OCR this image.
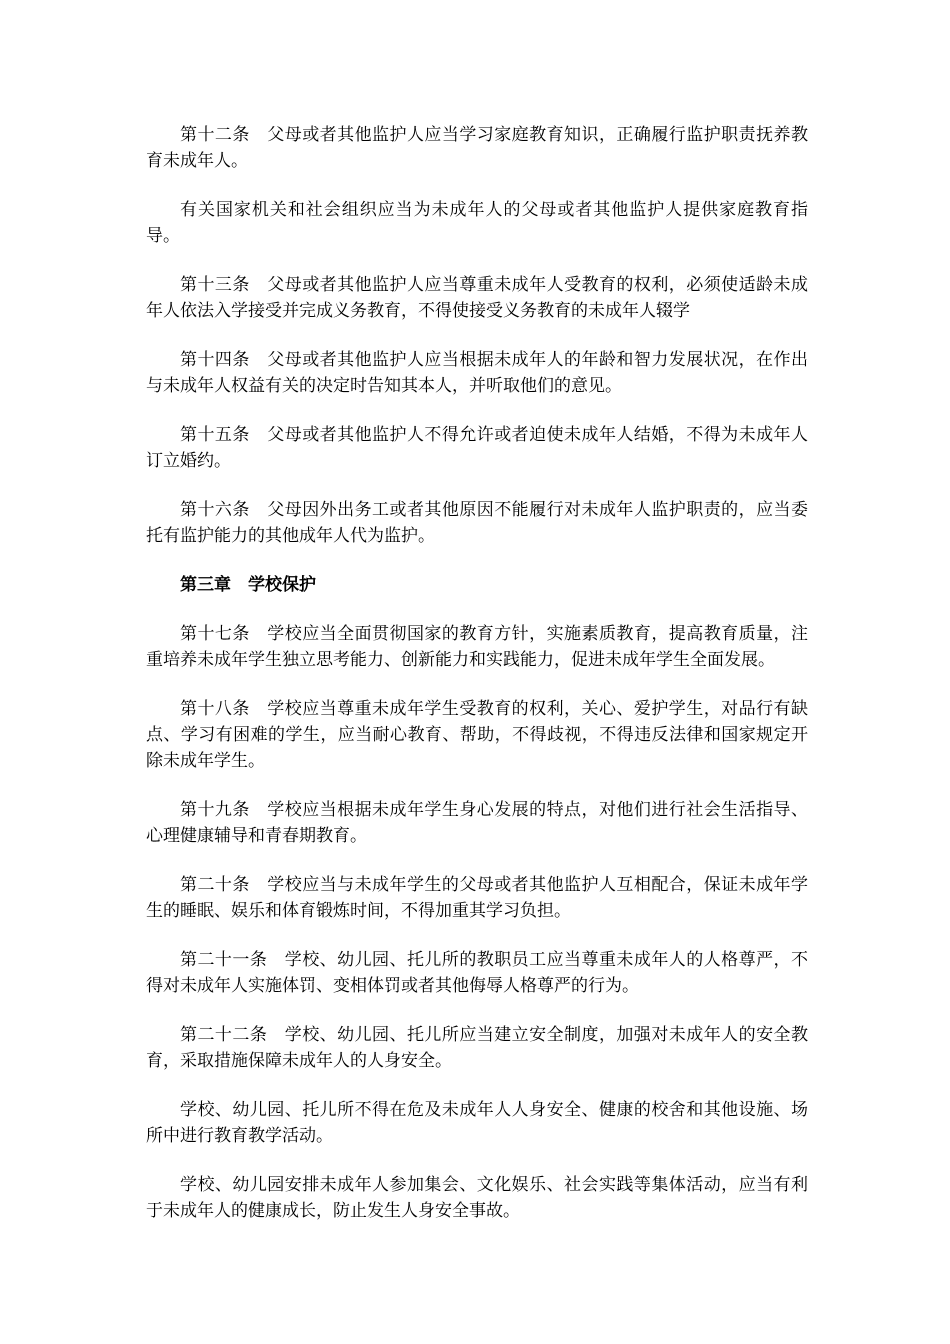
第十二条　父母或者其他监护人应当学习家庭教育知识，正确履行监护职责抚养教育未成年人。

有关国家机关和社会组织应当为未成年人的父母或者其他监护人提供家庭教育指导。

第十三条　父母或者其他监护人应当尊重未成年人受教育的权利，必须使适龄未成年人依法入学接受并完成义务教育，不得使接受义务教育的未成年人辍学

第十四条　父母或者其他监护人应当根据未成年人的年龄和智力发展状况，在作出与未成年人权益有关的决定时告知其本人，并听取他们的意见。

第十五条　父母或者其他监护人不得允许或者迫使未成年人结婚，不得为未成年人订立婚约。

第十六条　父母因外出务工或者其他原因不能履行对未成年人监护职责的，应当委托有监护能力的其他成年人代为监护。

第三章　学校保护

第十七条　学校应当全面贯彻国家的教育方针，实施素质教育，提高教育质量，注重培养未成年学生独立思考能力、创新能力和实践能力，促进未成年学生全面发展。

第十八条　学校应当尊重未成年学生受教育的权利，关心、爱护学生，对品行有缺点、学习有困难的学生，应当耐心教育、帮助，不得歧视，不得违反法律和国家规定开除未成年学生。

第十九条　学校应当根据未成年学生身心发展的特点，对他们进行社会生活指导、心理健康辅导和青春期教育。

第二十条　学校应当与未成年学生的父母或者其他监护人互相配合，保证未成年学生的睡眠、娱乐和体育锻炼时间，不得加重其学习负担。

第二十一条　学校、幼儿园、托儿所的教职员工应当尊重未成年人的人格尊严，不得对未成年人实施体罚、变相体罚或者其他侮辱人格尊严的行为。

第二十二条　学校、幼儿园、托儿所应当建立安全制度，加强对未成年人的安全教育，采取措施保障未成年人的人身安全。

学校、幼儿园、托儿所不得在危及未成年人人身安全、健康的校舍和其他设施、场所中进行教育教学活动。

学校、幼儿园安排未成年人参加集会、文化娱乐、社会实践等集体活动，应当有利于未成年人的健康成长，防止发生人身安全事故。
